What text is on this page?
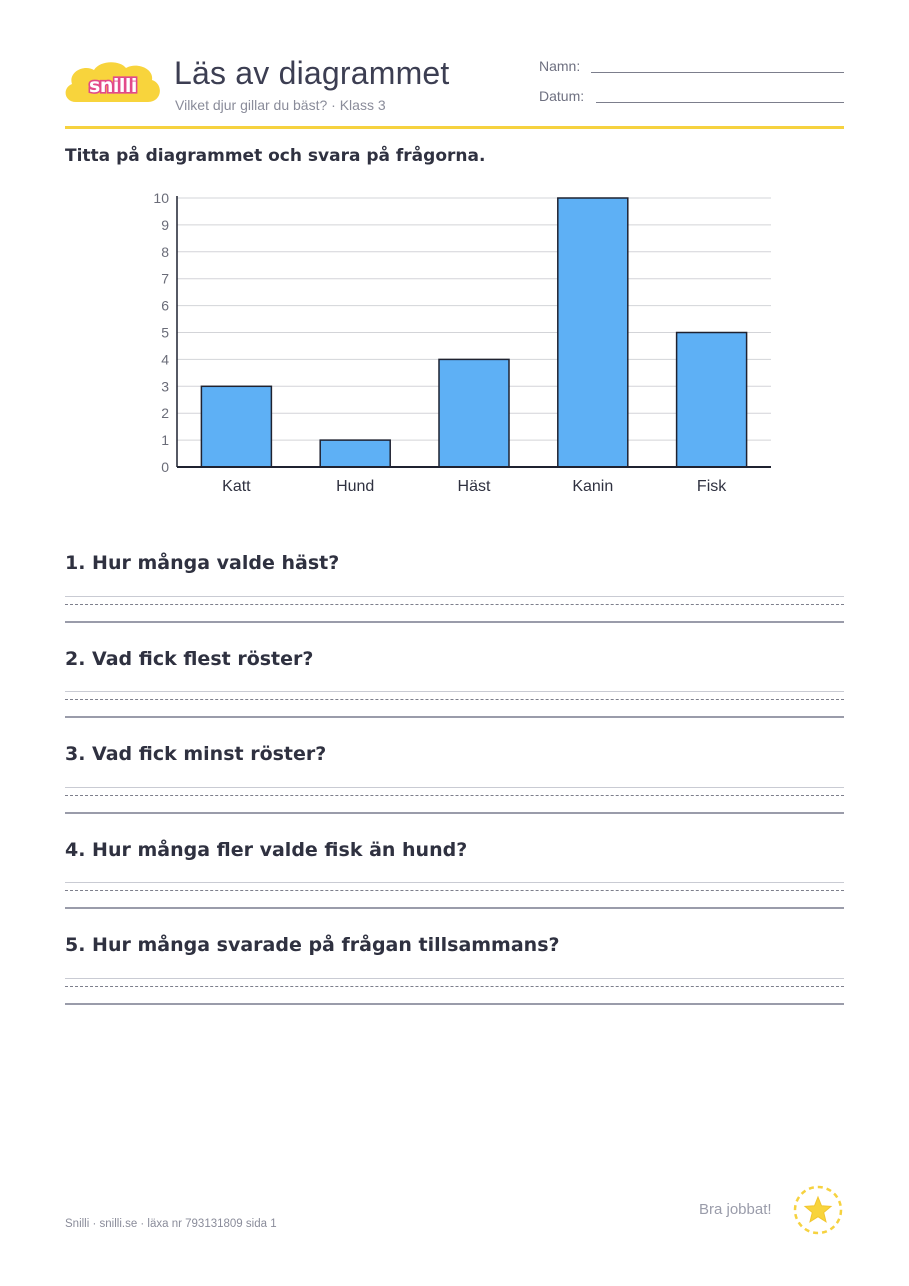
snilli Läs av diagrammet
Vilket djur gillar du bäst? · Klass 3
Namn:
Datum:
Titta på diagrammet och svara på frågorna.
0
1
2
3
4
5
6
7
8
9
10
Katt	Hund	Häst	Kanin	Fisk
1. Hur många valde häst?
2. Vad fick flest röster?
3. Vad fick minst röster?
4. Hur många fler valde fisk än hund?
5. Hur många svarade på frågan tillsammans?
Snilli · snilli.se · läxa nr 793131809 sida 1
Bra jobbat!
